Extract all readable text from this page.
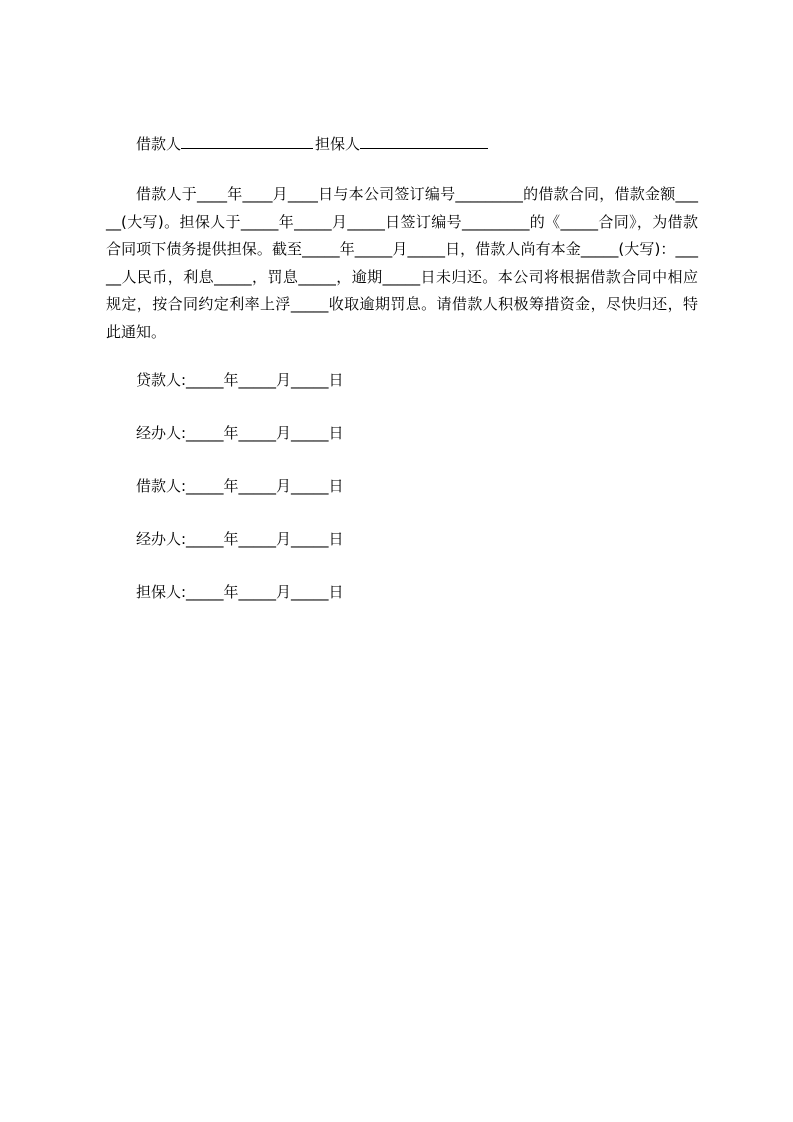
借款人	担保人
借款人于____年____月____日与本公司签订编号_________的借款合同，借款金额_____(大写)。担保人于_____年_____月_____日签订编号_________的《_____合同》，为借款合同项下债务提供担保。截至_____年_____月_____日，借款人尚有本金_____(大写)：_____人民币，利息_____，罚息_____，逾期_____日未归还。本公司将根据借款合同中相应规定，按合同约定利率上浮_____收取逾期罚息。请借款人积极筹措资金，尽快归还，特此通知。
贷款人:_____年_____月_____日
经办人:_____年_____月_____日
借款人:_____年_____月_____日
经办人:_____年_____月_____日
担保人:_____年_____月_____日
